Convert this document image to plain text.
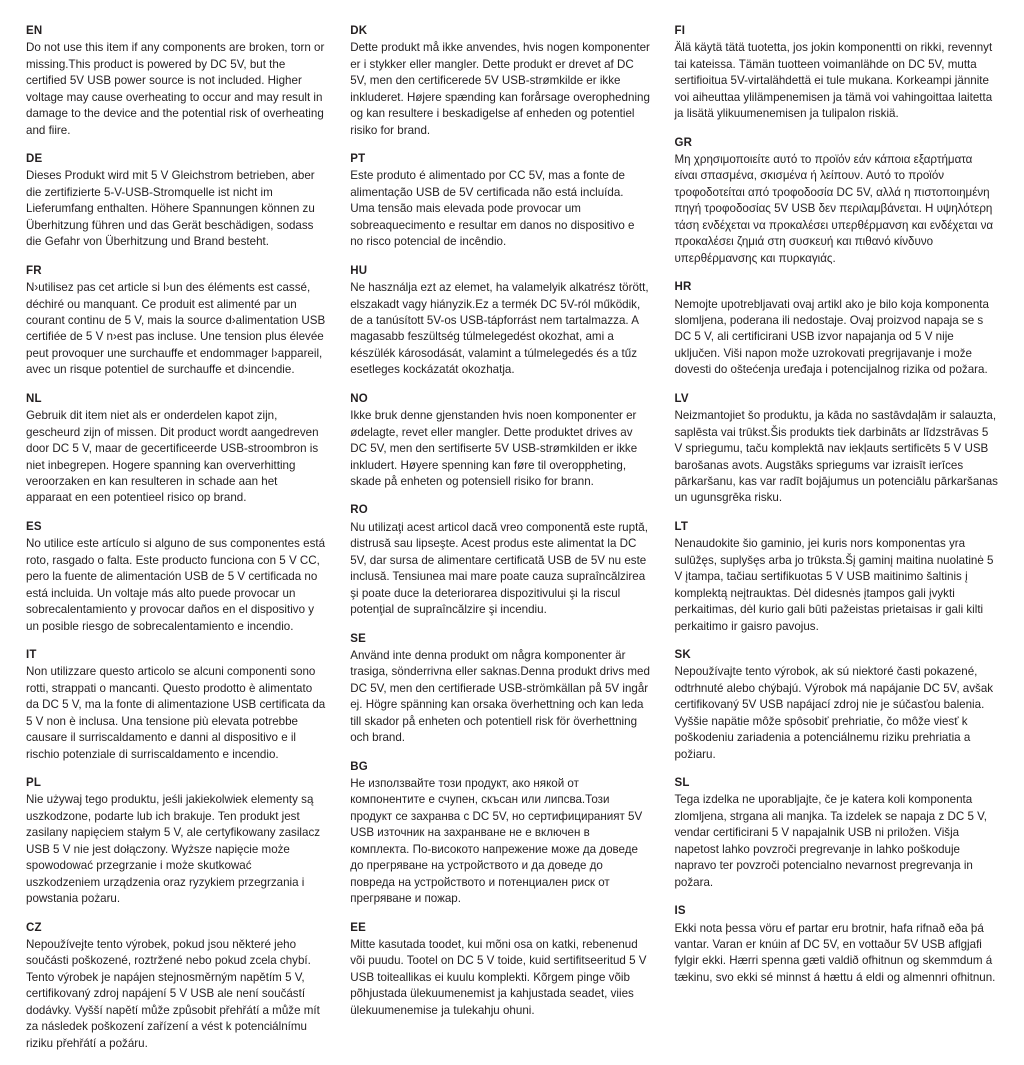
EN
Do not use this item if any components are broken, torn or missing.This product is powered by DC 5V, but the certified 5V USB power source is not included. Higher voltage may cause overheating to occur and may result in damage to the device and the potential risk of overheating and fiire.
DE
Dieses Produkt wird mit 5 V Gleichstrom betrieben, aber die zertifizierte 5-V-USB-Stromquelle ist nicht im Lieferumfang enthalten. Höhere Spannungen können zu Überhitzung führen und das Gerät beschädigen, sodass die Gefahr von Überhitzung und Brand besteht.
FR
N›utilisez pas cet article si l›un des éléments est cassé, déchiré ou manquant. Ce produit est alimenté par un courant continu de 5 V, mais la source d›alimentation USB certifiée de 5 V n›est pas incluse. Une tension plus élevée peut provoquer une surchauffe et endommager l›appareil, avec un risque potentiel de surchauffe et d›incendie.
NL
Gebruik dit item niet als er onderdelen kapot zijn, gescheurd zijn of missen. Dit product wordt aangedreven door DC 5 V, maar de gecertificeerde USB-stroombron is niet inbegrepen. Hogere spanning kan oververhitting veroorzaken en kan resulteren in schade aan het apparaat en een potentieel risico op brand.
ES
No utilice este artículo si alguno de sus componentes está roto, rasgado o falta. Este producto funciona con 5 V CC, pero la fuente de alimentación USB de 5 V certificada no está incluida. Un voltaje más alto puede provocar un sobrecalentamiento y provocar daños en el dispositivo y un posible riesgo de sobrecalentamiento e incendio.
IT
Non utilizzare questo articolo se alcuni componenti sono rotti, strappati o mancanti. Questo prodotto è alimentato da DC 5 V, ma la fonte di alimentazione USB certificata da 5 V non è inclusa. Una tensione più elevata potrebbe causare il surriscaldamento e danni al dispositivo e il rischio potenziale di surriscaldamento e incendio.
PL
Nie używaj tego produktu, jeśli jakiekolwiek elementy są uszkodzone, podarte lub ich brakuje. Ten produkt jest zasilany napięciem stałym 5 V, ale certyfikowany zasilacz USB 5 V nie jest dołączony. Wyższe napięcie może spowodować przegrzanie i może skutkować uszkodzeniem urządzenia oraz ryzykiem przegrzania i powstania pożaru.
CZ
Nepoužívejte tento výrobek, pokud jsou některé jeho součásti poškozené, roztržené nebo pokud zcela chybí. Tento výrobek je napájen stejnosměrným napětím 5 V, certifikovaný zdroj napájení 5 V USB ale není součástí dodávky. Vyšší napětí může způsobit přehřátí a může mít za následek poškození zařízení a vést k potenciálnímu riziku přehřátí a požáru.
DK
Dette produkt må ikke anvendes, hvis nogen komponenter er i stykker eller mangler. Dette produkt er drevet af DC 5V, men den certificerede 5V USB-strømkilde er ikke inkluderet. Højere spænding kan forårsage overophedning og kan resultere i beskadigelse af enheden og potentiel risiko for brand.
PT
Este produto é alimentado por CC 5V, mas a fonte de alimentação USB de 5V certificada não está incluída. Uma tensão mais elevada pode provocar um sobreaquecimento e resultar em danos no dispositivo e no risco potencial de incêndio.
HU
Ne használja ezt az elemet, ha valamelyik alkatrész törött, elszakadt vagy hiányzik.Ez a termék DC 5V-ról működik, de a tanúsított 5V-os USB-tápforrást nem tartalmazza. A magasabb feszültség túlmelegedést okozhat, ami a készülék károsodását, valamint a túlmelegedés és a tűz esetleges kockázatát okozhatja.
NO
Ikke bruk denne gjenstanden hvis noen komponenter er ødelagte, revet eller mangler. Dette produktet drives av DC 5V, men den sertifiserte 5V USB-strømkilden er ikke inkludert. Høyere spenning kan føre til overoppheting, skade på enheten og potensiell risiko for brann.
RO
Nu utilizaţi acest articol dacă vreo componentă este ruptă, distrusă sau lipseşte. Acest produs este alimentat la DC 5V, dar sursa de alimentare certificată USB de 5V nu este inclusă. Tensiunea mai mare poate cauza supraîncălzirea şi poate duce la deteriorarea dispozitivului şi la riscul potenţial de supraîncălzire şi incendiu.
SE
Använd inte denna produkt om några komponenter är trasiga, sönderrivna eller saknas.Denna produkt drivs med DC 5V, men den certifierade USB-strömkällan på 5V ingår ej. Högre spänning kan orsaka överhettning och kan leda till skador på enheten och potentiell risk för överhettning och brand.
BG
Не използвайте този продукт, ако някой от компонентите е счупен, скъсан или липсва.Този продукт се захранва с DC 5V, но сертифицираният 5V USB източник на захранване не е включен в комплекта. По-високото напрежение може да доведе до прегряване на устройството и да доведе до повреда на устройството и потенциален риск от прегряване и пожар.
EE
Mitte kasutada toodet, kui mõni osa on katki, rebenenud või puudu. Tootel on DC 5 V toide, kuid sertifitseeritud 5 V USB toiteallikas ei kuulu komplekti. Kõrgem pinge võib põhjustada ülekuumenemist ja kahjustada seadet, viies ülekuumenemise ja tulekahju ohuni.
FI
Älä käytä tätä tuotetta, jos jokin komponentti on rikki, revennyt tai kateissa. Tämän tuotteen voimanlähde on DC 5V, mutta sertifioitua 5V-virtalähdettä ei tule mukana. Korkeampi jännite voi aiheuttaa ylilämpenemisen ja tämä voi vahingoittaa laitetta ja lisätä ylikuumenemisen ja tulipalon riskiä.
GR
Μη χρησιμοποιείτε αυτό το προϊόν εάν κάποια εξαρτήματα είναι σπασμένα, σκισμένα ή λείπουν. Αυτό το προϊόν τροφοδοτείται από τροφοδοσία DC 5V, αλλά η πιστοποιημένη πηγή τροφοδοσίας 5V USB δεν περιλαμβάνεται. Η υψηλότερη τάση ενδέχεται να προκαλέσει υπερθέρμανση και ενδέχεται να προκαλέσει ζημιά στη συσκευή και πιθανό κίνδυνο υπερθέρμανσης και πυρκαγιάς.
HR
Nemojte upotrebljavati ovaj artikl ako je bilo koja komponenta slomljena, poderana ili nedostaje. Ovaj proizvod napaja se s DC 5 V, ali certificirani USB izvor napajanja od 5 V nije uključen. Viši napon može uzrokovati pregrijavanje i može dovesti do oštećenja uređaja i potencijalnog rizika od požara.
LV
Neizmantojiet šo produktu, ja kāda no sastāvdaļām ir salauzta, saplēsta vai trūkst.Šis produkts tiek darbināts ar līdzstrāvas 5 V spriegumu, taču komplektā nav iekļauts sertificēts 5 V USB barošanas avots. Augstāks spriegums var izraisīt ierīces pārkaršanu, kas var radīt bojājumus un potenciālu pārkaršanas un ugunsgrēka risku.
LT
Nenaudokite šio gaminio, jei kuris nors komponentas yra sulūžęs, suplyšęs arba jo trūksta.Šį gaminį maitina nuolatinė 5 V įtampa, tačiau sertifikuotas 5 V USB maitinimo šaltinis į komplektą neįtrauktas. Dėl didesnės įtampos gali įvykti perkaitimas, dėl kurio gali būti pažeistas prietaisas ir gali kilti perkaitimo ir gaisro pavojus.
SK
Nepoužívajte tento výrobok, ak sú niektoré časti pokazené, odtrhnuté alebo chýbajú. Výrobok má napájanie DC 5V, avšak certifikovaný 5V USB napájací zdroj nie je súčasťou balenia. Vyššie napätie môže spôsobiť prehriatie, čo môže viesť k poškodeniu zariadenia a potenciálnemu riziku prehriatia a požiaru.
SL
Tega izdelka ne uporabljajte, če je katera koli komponenta zlomljena, strgana ali manjka. Ta izdelek se napaja z DC 5 V, vendar certificirani 5 V napajalnik USB ni priložen. Višja napetost lahko povzroči pregrevanje in lahko poškoduje napravo ter povzroči potencialno nevarnost pregrevanja in požara.
IS
Ekki nota þessa vöru ef partar eru brotnir, hafa rifnað eða þá vantar. Varan er knúin af DC 5V, en vottaður 5V USB aflgjafi fylgir ekki. Hærri spenna gæti valdið ofhitnun og skemmdum á tækinu, svo ekki sé minnst á hættu á eldi og almennri ofhitnun.
